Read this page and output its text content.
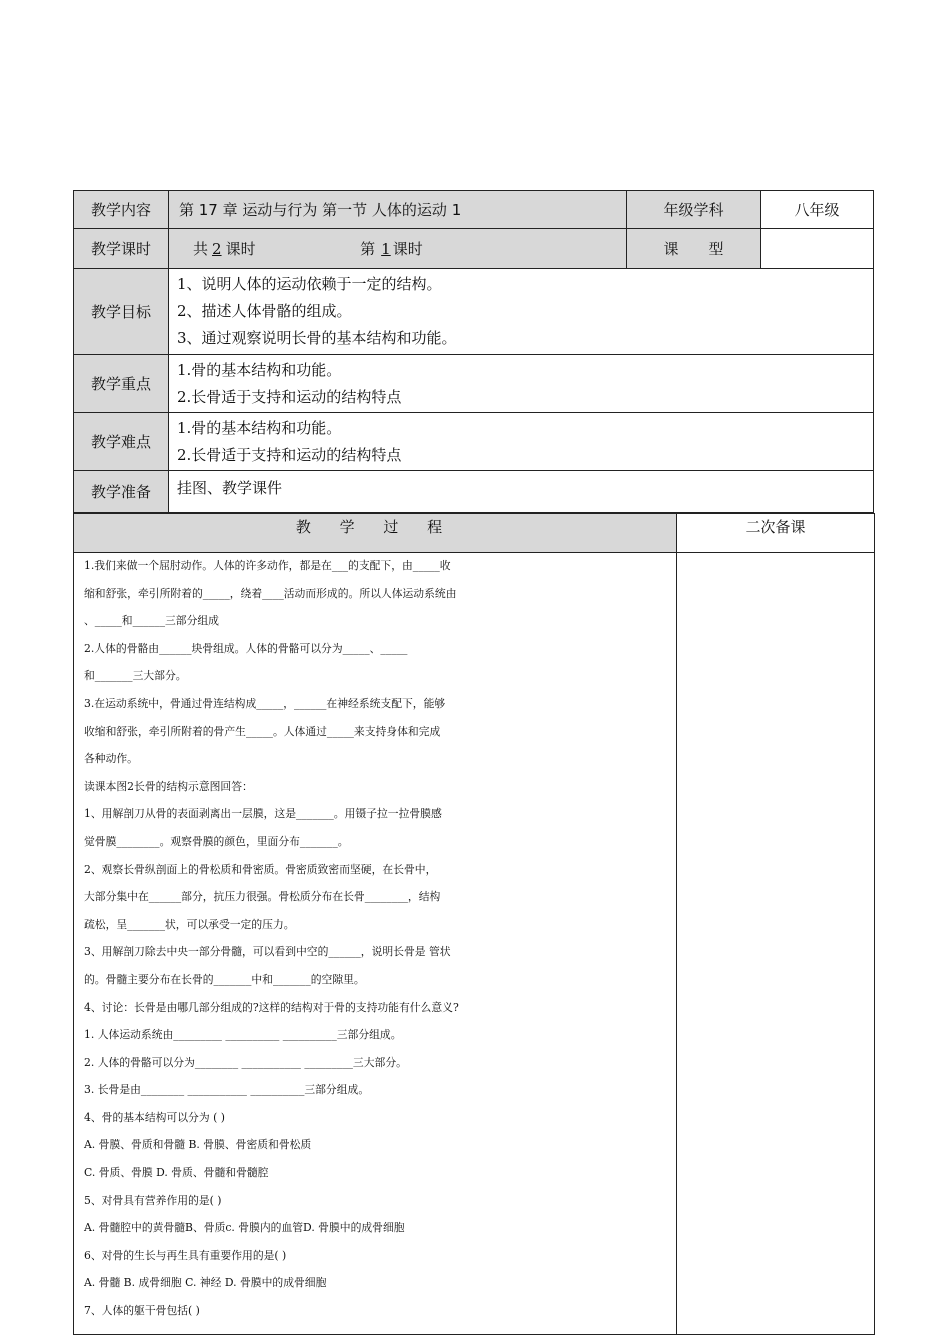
教学内容	第 17 章 运动与行为 第一节 人体的运动 1	年级学科	八年级
教学课时	共 2 课时 第 1 课时	课　　型	
教学目标	1、说明人体的运动依赖于一定的结构。
2、描述人体骨骼的组成。
3、通过观察说明长骨的基本结构和功能。		

教学重点	1.骨的基本结构和功能。
2.长骨适于支持和运动的结构特点		

教学难点	1.骨的基本结构和功能。
2.长骨适于支持和运动的结构特点		

教学准备	挂图、教学课件		
教 学 过 程	二次备课
1.我们来做一个屈肘动作。人体的许多动作，都是在___的支配下，由_____收
缩和舒张，牵引所附着的_____，绕着____活动而形成的。所以人体运动系统由
、_____和______三部分组成
2.人体的骨骼由______块骨组成。人体的骨骼可以分为_____、_____
和_______三大部分。
3.在运动系统中，骨通过骨连结构成_____，______在神经系统支配下，能够
收缩和舒张，牵引所附着的骨产生_____。人体通过_____来支持身体和完成
各种动作。
读课本图2长骨的结构示意图回答：
1、用解剖刀从骨的表面剥离出一层膜，这是_______。用镊子拉一拉骨膜感
觉骨膜________。观察骨膜的颜色，里面分布_______。
2、观察长骨纵剖面上的骨松质和骨密质。骨密质致密而坚硬，在长骨中，
大部分集中在______部分，抗压力很强。骨松质分布在长骨________，结构
疏松，呈_______状，可以承受一定的压力。
3、用解剖刀除去中央一部分骨髓，可以看到中空的______，说明长骨是 管状
的。骨髓主要分布在长骨的_______中和_______的空隙里。
4、讨论：长骨是由哪几部分组成的?这样的结构对于骨的支持功能有什么意义?
1. 人体运动系统由_________ __________ __________三部分组成。
2. 人体的骨骼可以分为________ ___________ _________三大部分。
3. 长骨是由________ ___________ __________三部分组成。
4、骨的基本结构可以分为 ( )
A. 骨膜、骨质和骨髓 B. 骨膜、骨密质和骨松质
C. 骨质、骨膜 D. 骨质、骨髓和骨髓腔
5、对骨具有营养作用的是( )
A. 骨髓腔中的黄骨髓B、骨质c. 骨膜内的血管D. 骨膜中的成骨细胞
6、对骨的生长与再生具有重要作用的是( )
A. 骨髓 B. 成骨细胞 C. 神经 D. 骨膜中的成骨细胞
7、人体的躯干骨包括( )
